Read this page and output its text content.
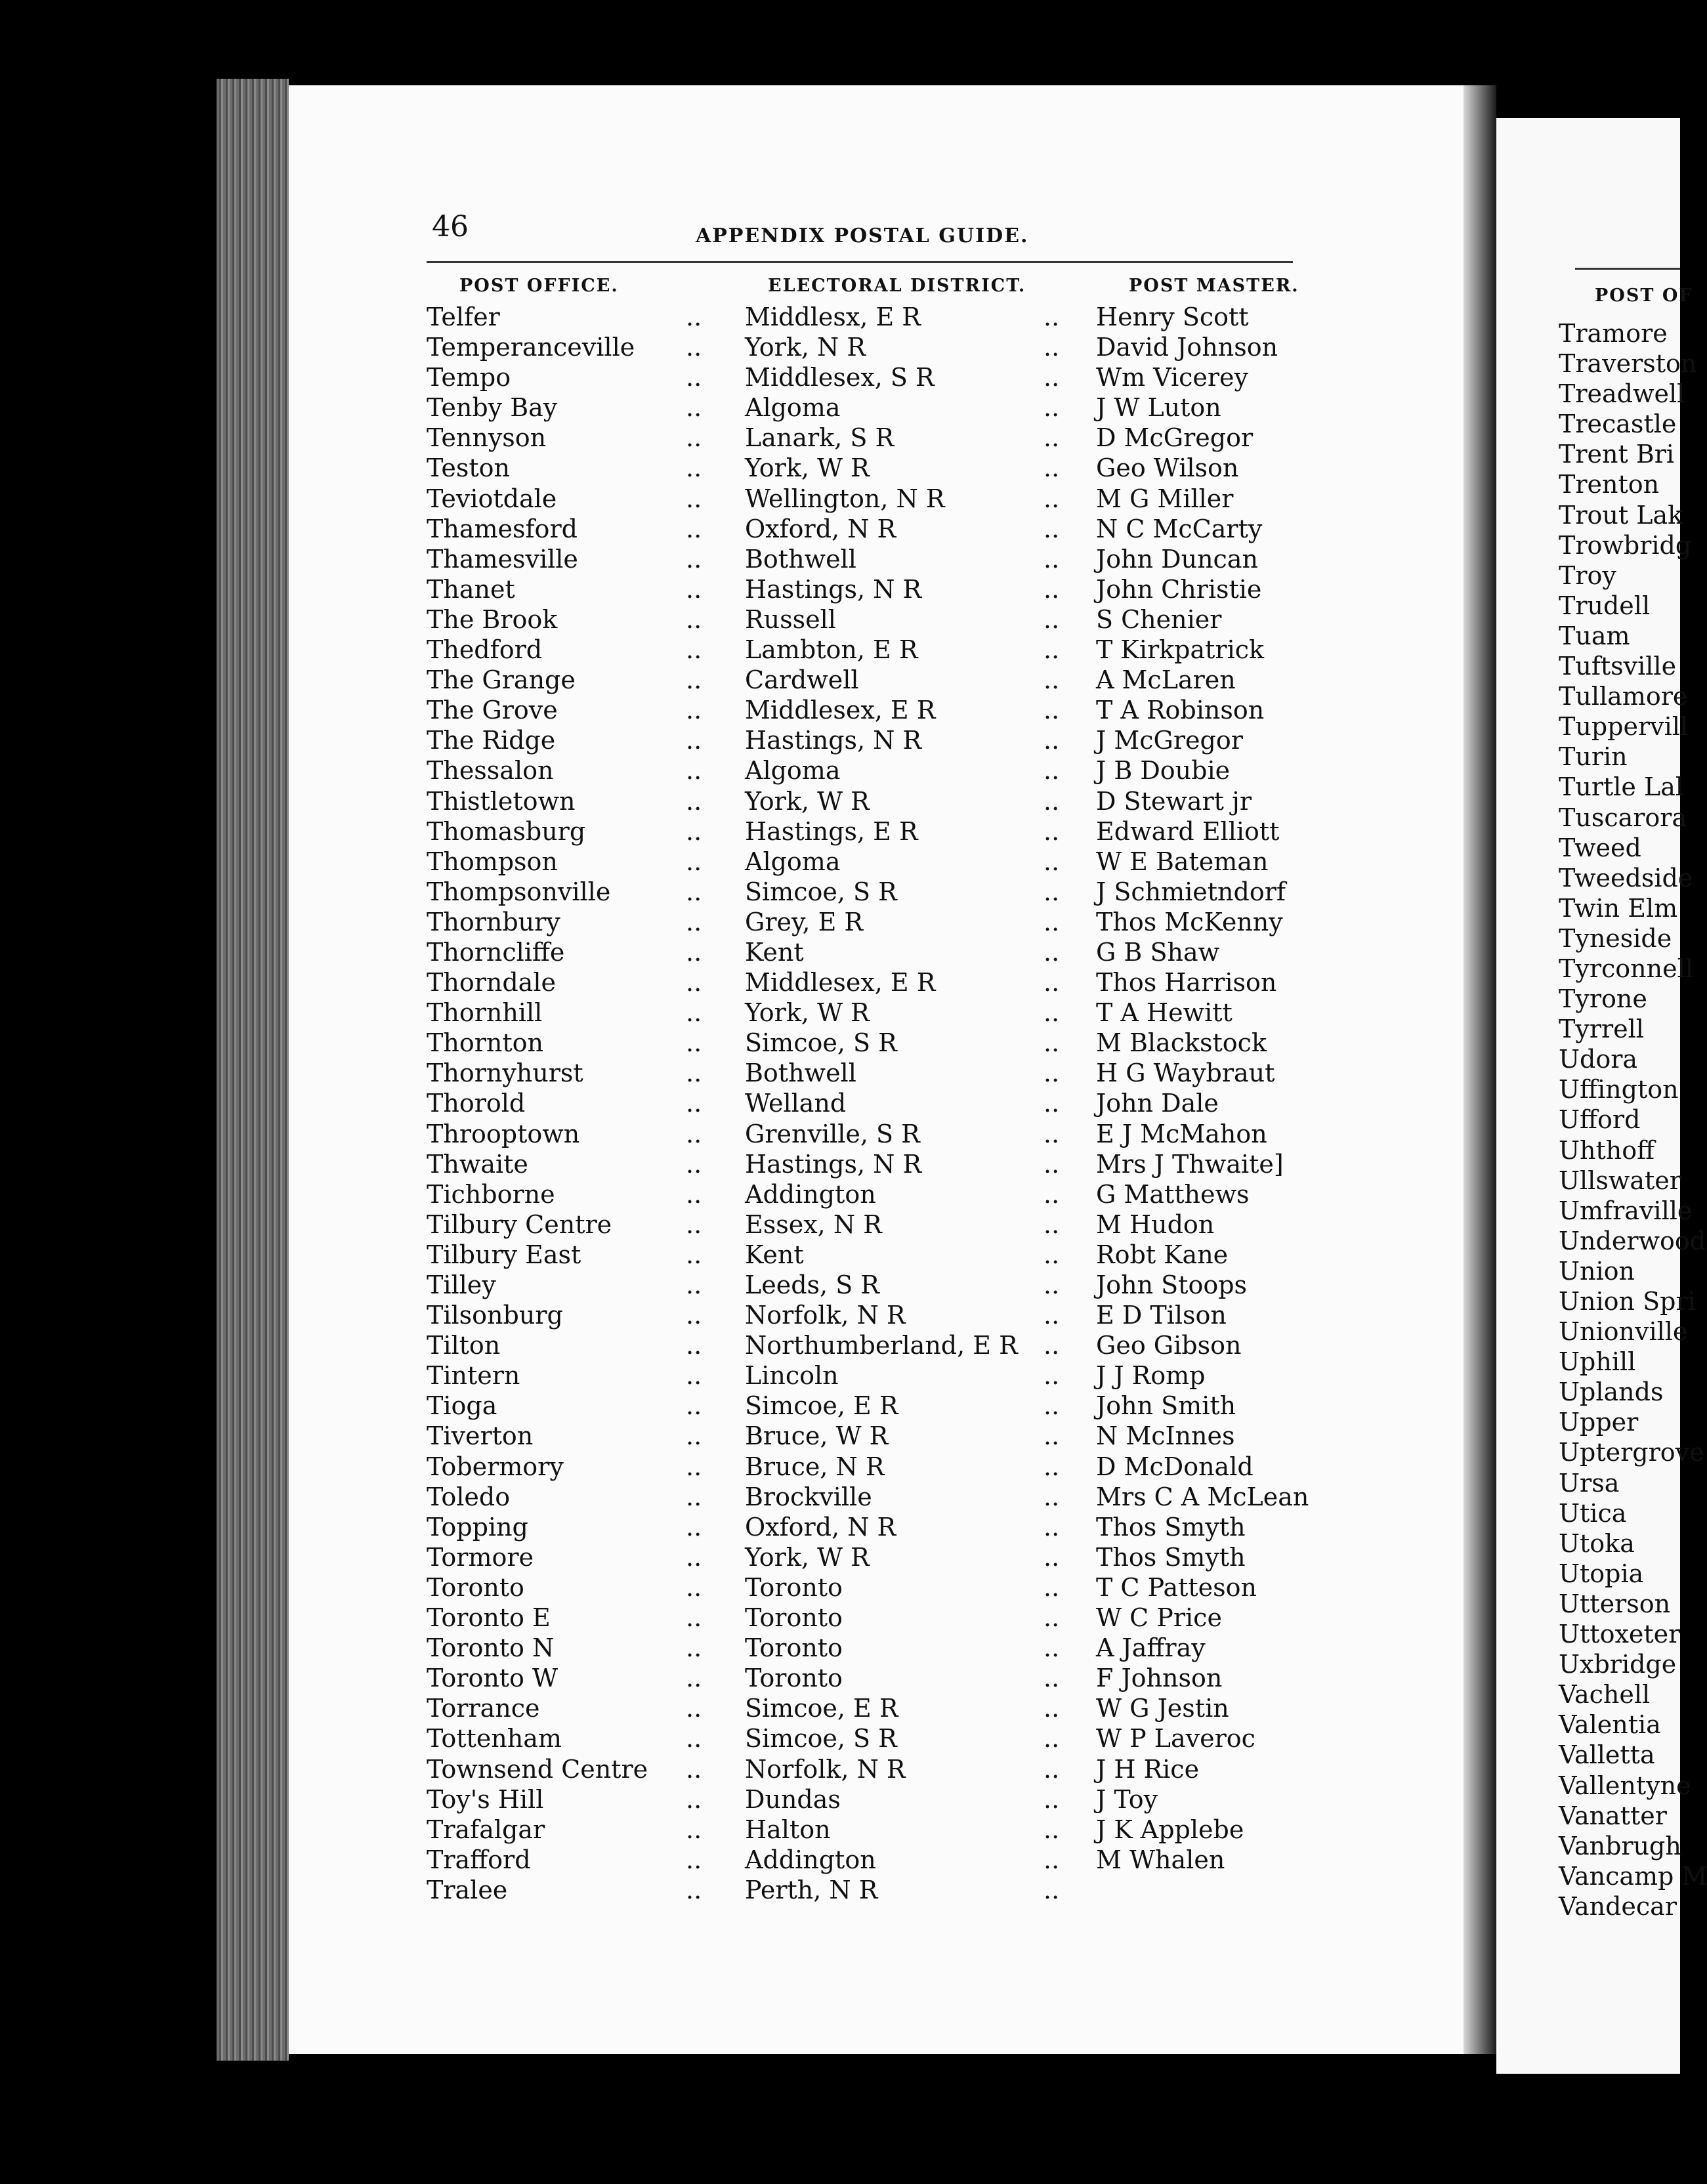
46	APPENDIX POSTAL GUIDE.
POST OFFICE.	ELECTORAL DISTRICT.	POST MASTER.
Telfer	.. Middlesx, E R	.. Henry Scott
Temperanceville .. York, N R	.. David Johnson
Tempo	.. Middlesex, S R	.. Wm Vicerey
Tenby Bay	.. Algoma	.. J W Luton
Tennyson	.. Lanark, S R	.. D McGregor
Teston	.. York, W R	.. Geo Wilson
Teviotdale	.. Wellington, N R	.. M G Miller
Thamesford	.. Oxford, N R	.. N C McCarty
Thamesville	.. Bothwell	.. John Duncan
Thanet	.. Hastings, N R	.. John Christie
The Brook	.. Russell	.. S Chenier
Thedford	.. Lambton, E R	.. T Kirkpatrick
The Grange	.. Cardwell	.. A McLaren
The Grove	.. Middlesex, E R	.. T A Robinson
The Ridge	.. Hastings, N R	.. J McGregor
Thessalon	.. Algoma	.. J B Doubie
Thistletown	.. York, W R	.. D Stewart jr
Thomasburg	.. Hastings, E R	.. Edward Elliott
Thompson	.. Algoma	.. W E Bateman
Thompsonville	.. Simcoe, S R	.. J Schmietndorf
Thornbury	.. Grey, E R	.. Thos McKenny
Thorncliffe	.. Kent	.. G B Shaw
Thorndale	.. Middlesex, E R	.. Thos Harrison
Thornhill	.. York, W R	.. T A Hewitt
Thornton	.. Simcoe, S R	.. M Blackstock
Thornyhurst	.. Bothwell	.. H G Waybraut
Thorold	.. Welland	.. John Dale
Throoptown	.. Grenville, S R	.. E J McMahon
Thwaite	.. Hastings, N R	.. Mrs J Thwaite]
Tichborne	.. Addington	.. G Matthews
Tilbury Centre	.. Essex, N R	.. M Hudon
Tilbury East	.. Kent	.. Robt Kane
Tilley	.. Leeds, S R	.. John Stoops
Tilsonburg	.. Norfolk, N R	.. E D Tilson
Tilton	.. Northumberland, E R .. Geo Gibson
Tintern	.. Lincoln	.. J J Romp
Tioga	.. Simcoe, E R	.. John Smith
Tiverton	.. Bruce, W R	.. N McInnes
Tobermory	.. Bruce, N R	.. D McDonald
Toledo	.. Brockville	.. Mrs C A McLean
Topping	.. Oxford, N R	.. Thos Smyth
Tormore	.. York, W R	.. Thos Smyth
Toronto	.. Toronto	.. T C Patteson
Toronto E	.. Toronto	.. W C Price
Toronto N	.. Toronto	.. A Jaffray
Toronto W	.. Toronto	.. F Johnson
Torrance	.. Simcoe, E R	.. W G Jestin
Tottenham	.. Simcoe, S R	.. W P Laveroc
Townsend Centre .. Norfolk, N R	.. J H Rice
Toy's Hill	.. Dundas	.. J Toy
Trafalgar	.. Halton	.. J K Applebe
Trafford	.. Addington	.. M Whalen
Tralee	.. Perth, N R	..
POST OF
Tramore
Traverston
Treadwell
Trecastle
Trent Bri
Trenton
Trout Lak
Trowbridg
Troy
Trudell
Tuam
Tuftsville
Tullamore
Tuppervill
Turin
Turtle Lal
Tuscarora
Tweed
Tweedside
Twin Elm
Tyneside
Tyrconnell
Tyrone
Tyrrell
Udora
Uffington
Ufford
Uhthoff
Ullswater
Umfraville
Underwood
Union
Union Spri
Unionville
Uphill
Uplands
Upper
Uptergrove
Ursa
Utica
Utoka
Utopia
Utterson
Uttoxeter
Uxbridge
Vachell
Valentia
Valletta
Vallentyne
Vanatter
Vanbrugh
Vancamp M
Vandecar
